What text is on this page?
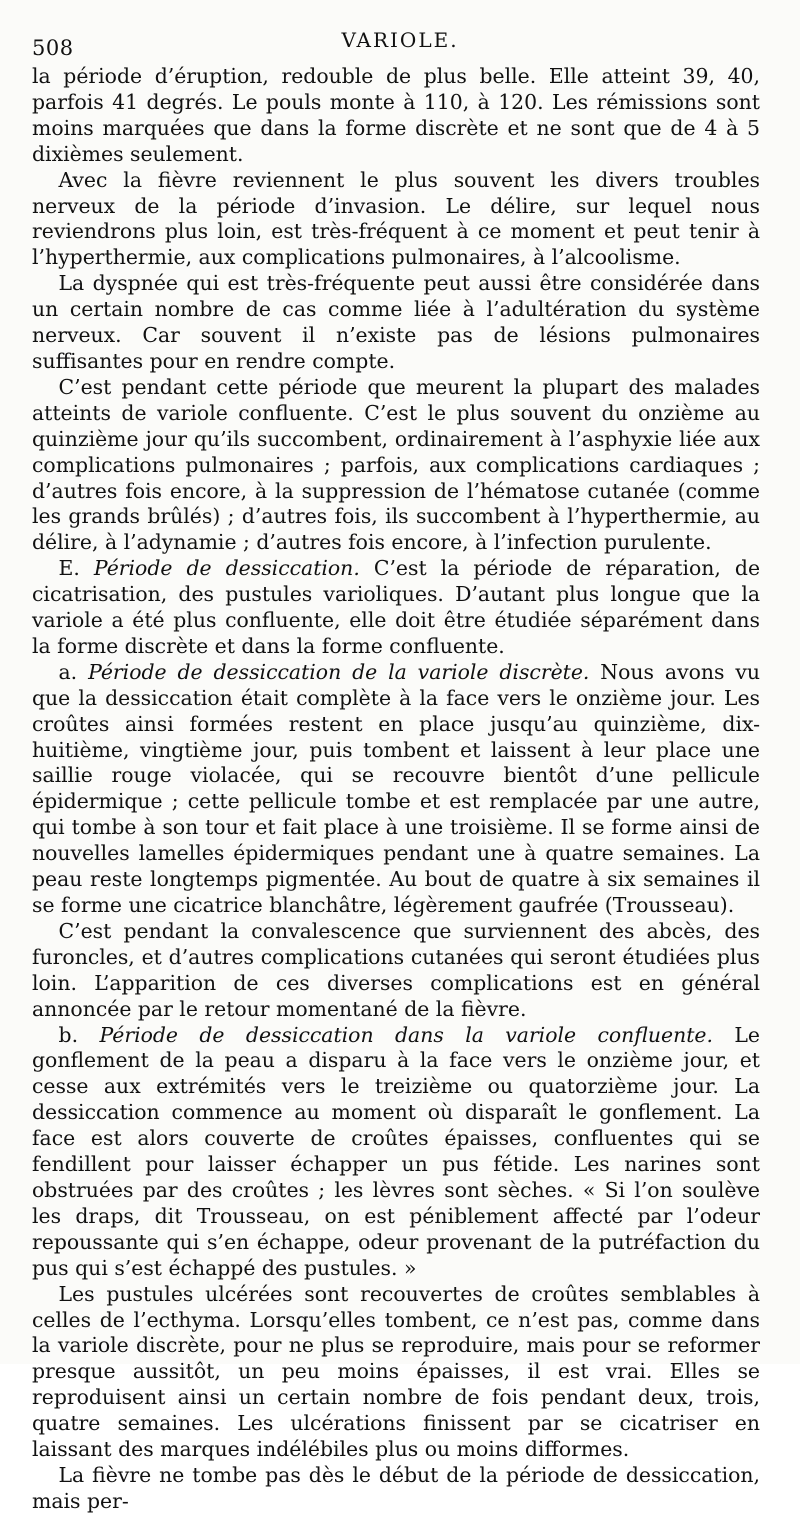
508	VARIOLE.

la période d’éruption, redouble de plus belle. Elle atteint 39, 40, parfois 41 degrés. Le pouls monte à 110, à 120. Les rémissions sont moins marquées que dans la forme discrète et ne sont que de 4 à 5 dixièmes seulement.

Avec la fièvre reviennent le plus souvent les divers troubles nerveux de la période d’invasion. Le délire, sur lequel nous reviendrons plus loin, est très-fréquent à ce moment et peut tenir à l’hyperthermie, aux complications pulmonaires, à l’alcoolisme.

La dyspnée qui est très-fréquente peut aussi être considérée dans un certain nombre de cas comme liée à l’adultération du système nerveux. Car souvent il n’existe pas de lésions pulmonaires suffisantes pour en rendre compte.

C’est pendant cette période que meurent la plupart des malades atteints de variole confluente. C’est le plus souvent du onzième au quinzième jour qu’ils succombent, ordinairement à l’asphyxie liée aux complications pulmonaires ; parfois, aux complications cardiaques ; d’autres fois encore, à la suppression de l’hématose cutanée (comme les grands brûlés) ; d’autres fois, ils succombent à l’hyperthermie, au délire, à l’adynamie ; d’autres fois encore, à l’infection purulente.

E. Période de dessiccation. C’est la période de réparation, de cicatrisation, des pustules varioliques. D’autant plus longue que la variole a été plus confluente, elle doit être étudiée séparément dans la forme discrète et dans la forme confluente.

a. Période de dessiccation de la variole discrète. Nous avons vu que la dessiccation était complète à la face vers le onzième jour. Les croûtes ainsi formées restent en place jusqu’au quinzième, dix-huitième, vingtième jour, puis tombent et laissent à leur place une saillie rouge violacée, qui se recouvre bientôt d’une pellicule épidermique ; cette pellicule tombe et est remplacée par une autre, qui tombe à son tour et fait place à une troisième. Il se forme ainsi de nouvelles lamelles épidermiques pendant une à quatre semaines. La peau reste longtemps pigmentée. Au bout de quatre à six semaines il se forme une cicatrice blanchâtre, légèrement gaufrée (Trousseau).

C’est pendant la convalescence que surviennent des abcès, des furoncles, et d’autres complications cutanées qui seront étudiées plus loin. L’apparition de ces diverses complications est en général annoncée par le retour momentané de la fièvre.

b. Période de dessiccation dans la variole confluente. Le gonflement de la peau a disparu à la face vers le onzième jour, et cesse aux extrémités vers le treizième ou quatorzième jour. La dessiccation commence au moment où disparaît le gonflement. La face est alors couverte de croûtes épaisses, confluentes qui se fendillent pour laisser échapper un pus fétide. Les narines sont obstruées par des croûtes ; les lèvres sont sèches. « Si l’on soulève les draps, dit Trousseau, on est péniblement affecté par l’odeur repoussante qui s’en échappe, odeur provenant de la putréfaction du pus qui s’est échappé des pustules. »

Les pustules ulcérées sont recouvertes de croûtes semblables à celles de l’ecthyma. Lorsqu’elles tombent, ce n’est pas, comme dans la variole discrète, pour ne plus se reproduire, mais pour se reformer presque aussitôt, un peu moins épaisses, il est vrai. Elles se reproduisent ainsi un certain nombre de fois pendant deux, trois, quatre semaines. Les ulcérations finissent par se cicatriser en laissant des marques indélébiles plus ou moins difformes.

La fièvre ne tombe pas dès le début de la période de dessiccation, mais per-
